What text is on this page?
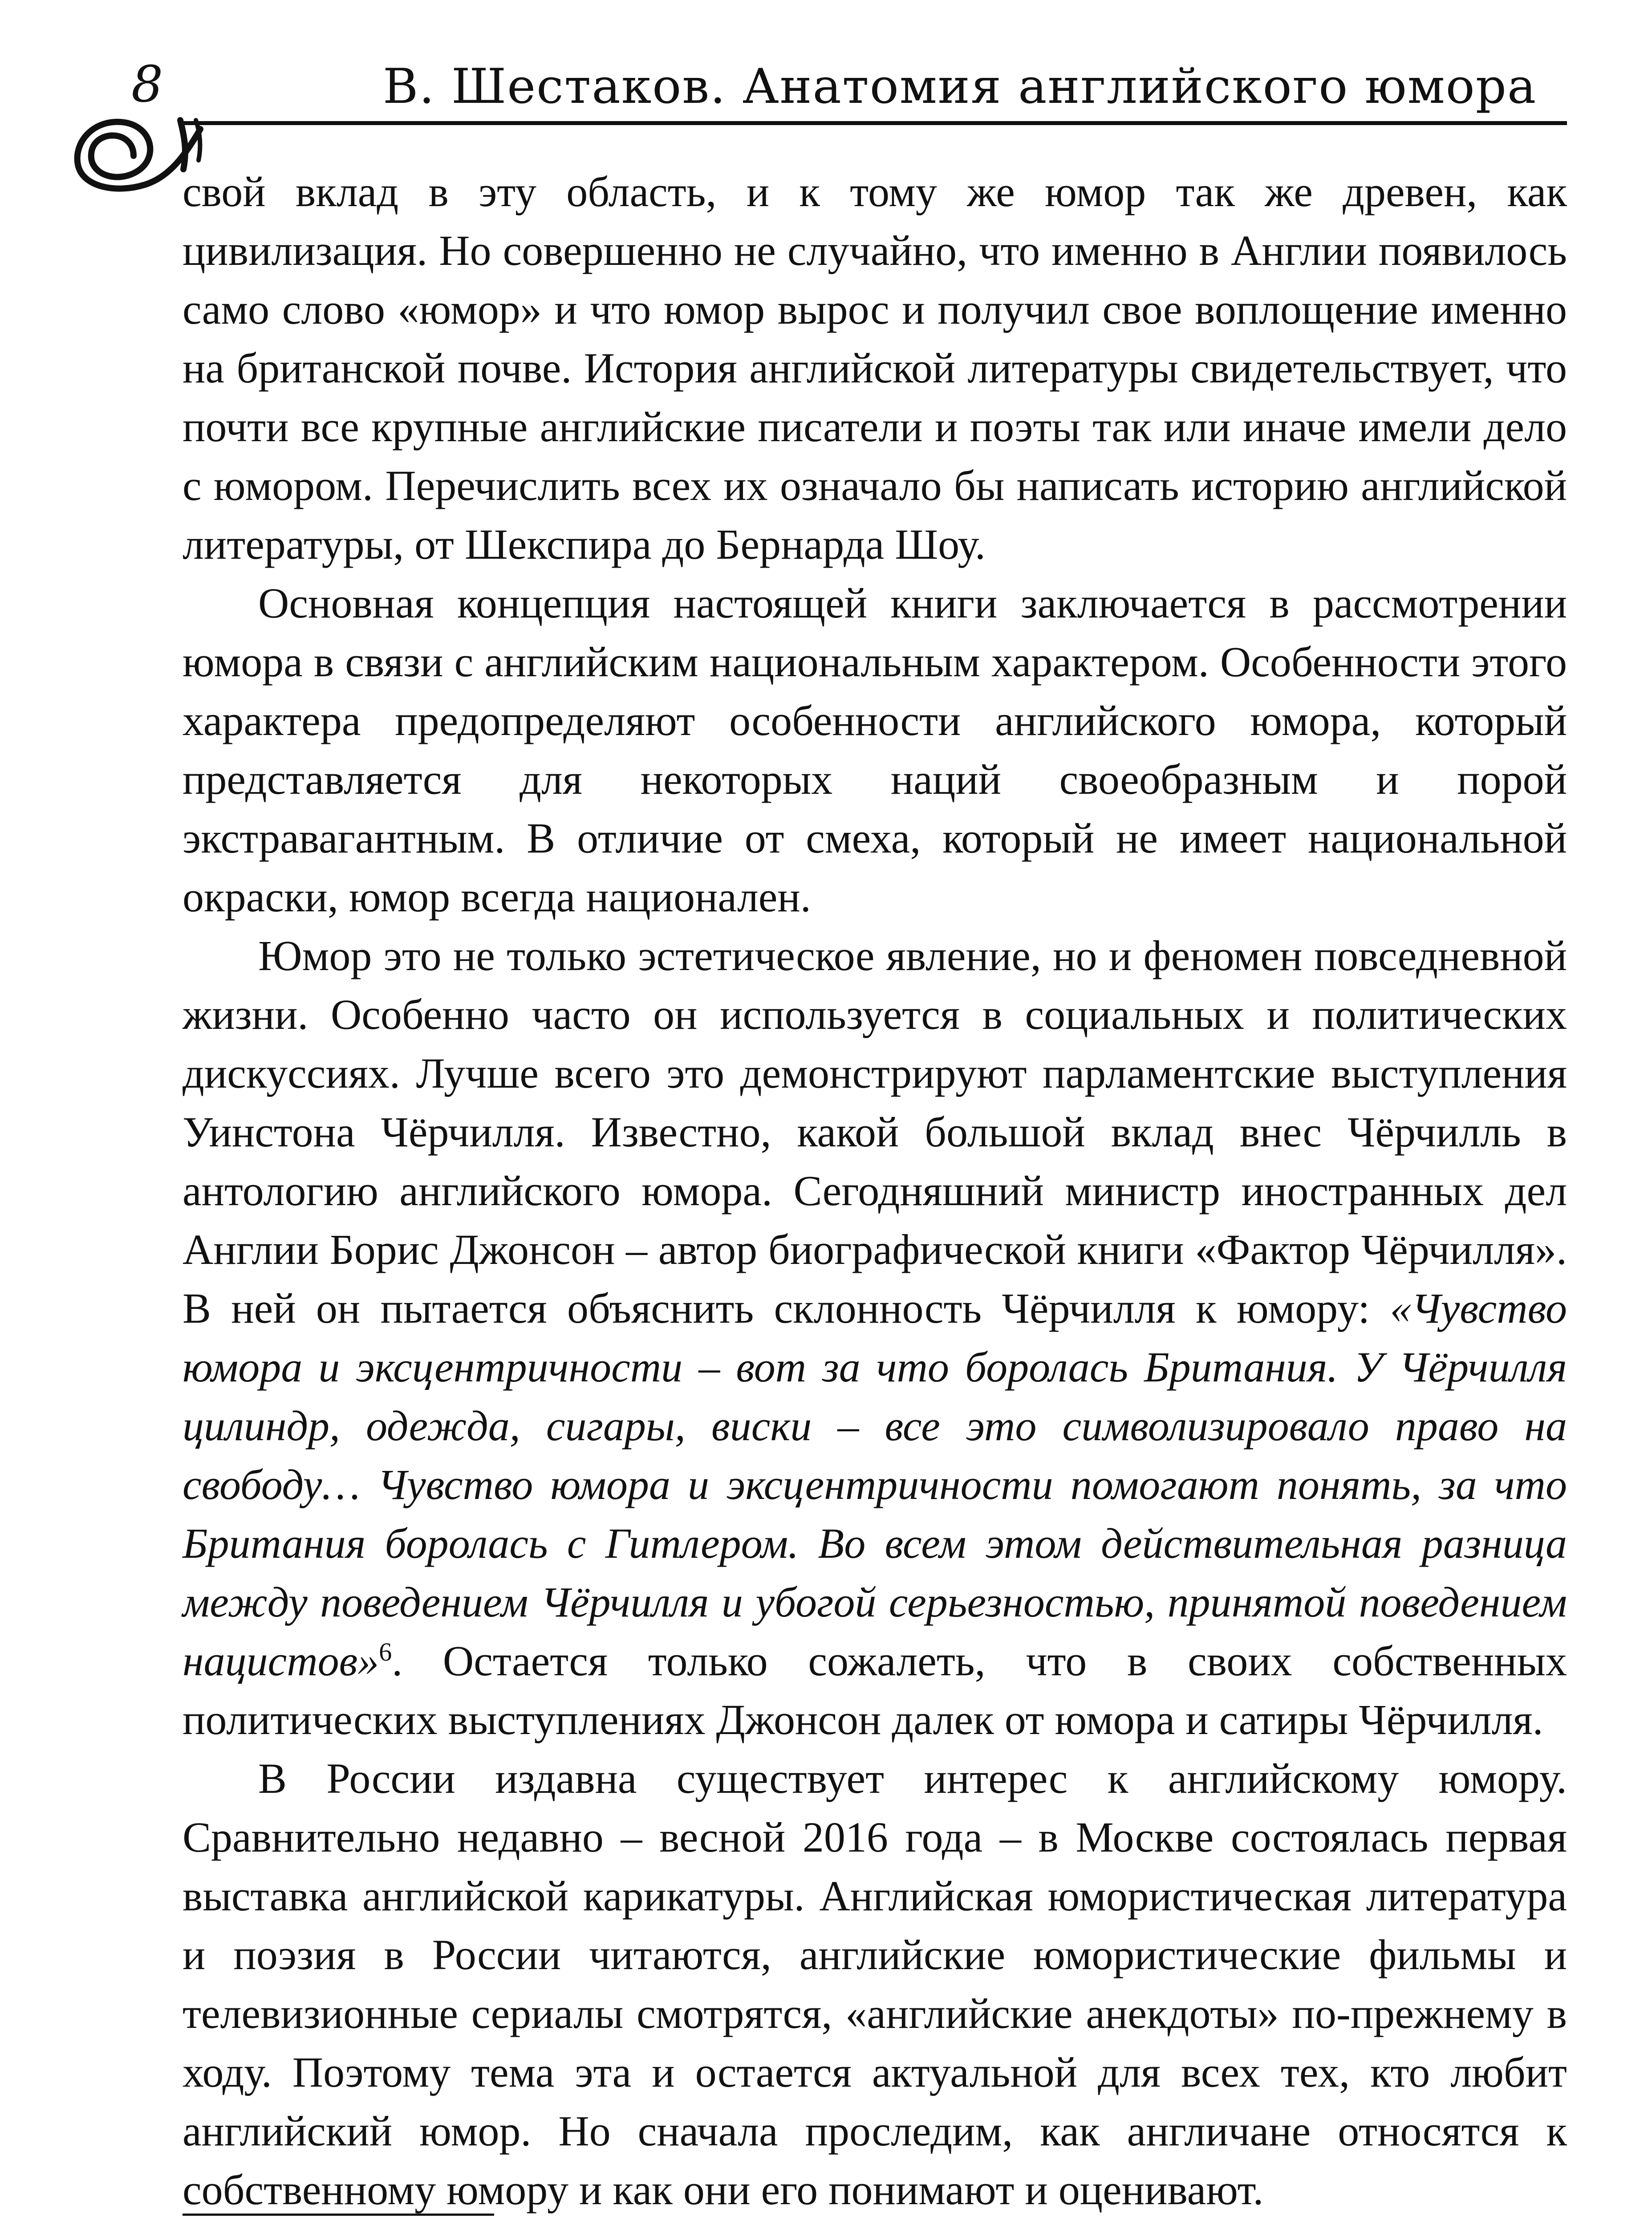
8	В. Шестаков. Анатомия английского юмора

свой вклад в эту область, и к тому же юмор так же древен, как цивилизация. Но совершенно не случайно, что именно в Англии появилось само слово «юмор» и что юмор вырос и получил свое воплощение именно на британской почве. История английской литературы свидетельствует, что почти все крупные английские писатели и поэты так или иначе имели дело с юмором. Перечислить всех их означало бы написать историю английской литературы, от Шекспира до Бернарда Шоу.

Основная концепция настоящей книги заключается в рассмотрении юмора в связи с английским национальным характером. Особенности этого характера предопределяют особенности английского юмора, который представляется для некоторых наций своеобразным и порой экстравагантным. В отличие от смеха, который не имеет национальной окраски, юмор всегда национален.

Юмор это не только эстетическое явление, но и феномен повседневной жизни. Особенно часто он используется в социальных и политических дискуссиях. Лучше всего это демонстрируют парламентские выступления Уинстона Чёрчилля. Известно, какой большой вклад внес Чёрчилль в антологию английского юмора. Сегодняшний министр иностранных дел Англии Борис Джонсон – автор биографической книги «Фактор Чёрчилля». В ней он пытается объяснить склонность Чёрчилля к юмору: «Чувство юмора и эксцентричности – вот за что боролась Британия. У Чёрчилля цилиндр, одежда, сигары, виски – все это символизировало право на свободу… Чувство юмора и эксцентричности помогают понять, за что Британия боролась с Гитлером. Во всем этом действительная разница между поведением Чёрчилля и убогой серьезностью, принятой поведением нацистов»$^6$. Остается только сожалеть, что в своих собственных политических выступлениях Джонсон далек от юмора и сатиры Чёрчилля.

В России издавна существует интерес к английскому юмору. Сравнительно недавно – весной 2016 года – в Москве состоялась первая выставка английской карикатуры. Английская юмористическая литература и поэзия в России читаются, английские юмористические фильмы и телевизионные сериалы смотрятся, «английские анекдоты» по-прежнему в ходу. Поэтому тема эта и остается актуальной для всех тех, кто любит английский юмор. Но сначала проследим, как англичане относятся к собственному юмору и как они его понимают и оценивают.
